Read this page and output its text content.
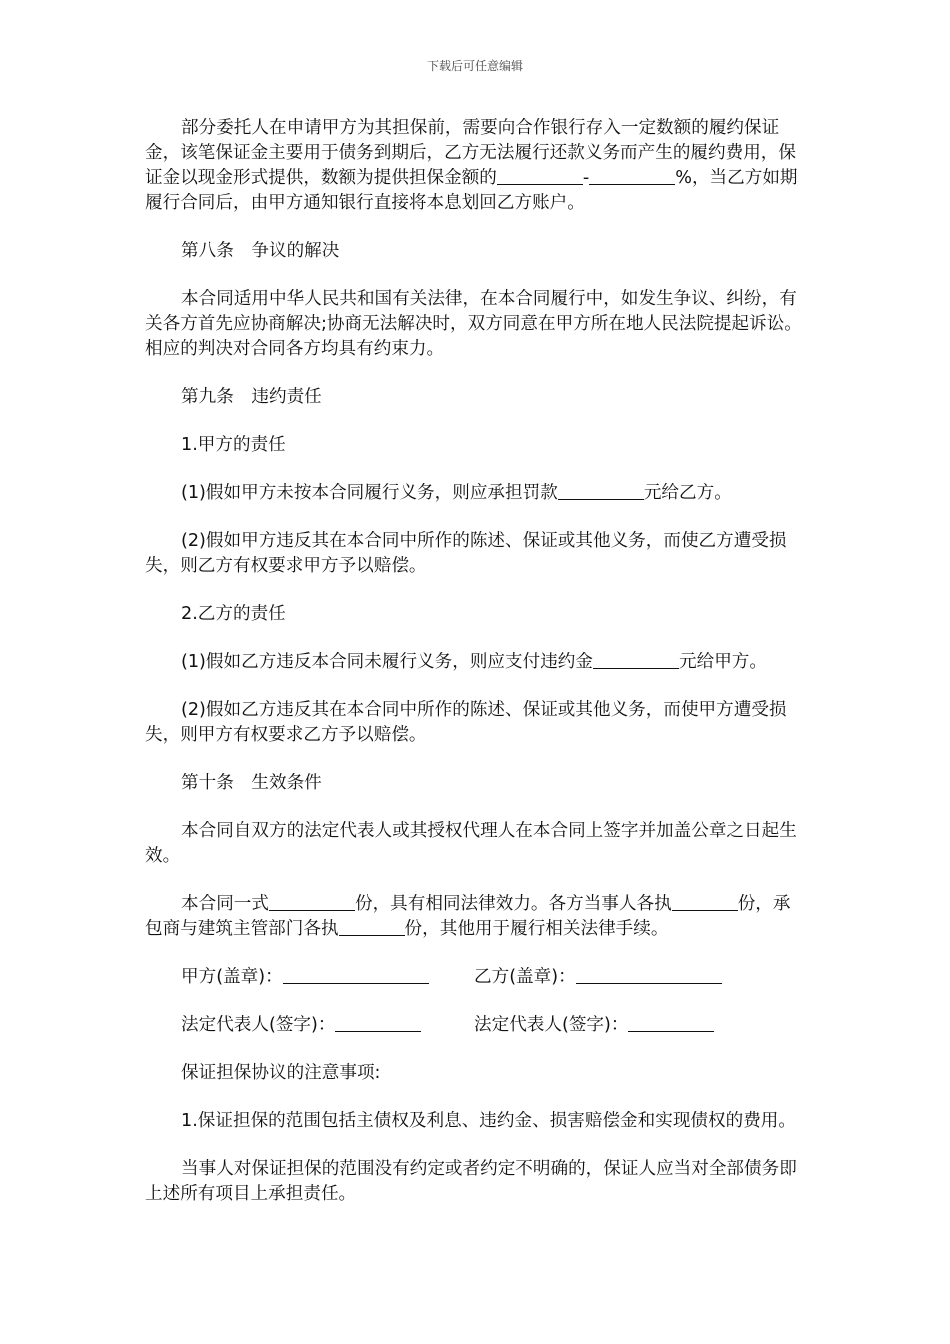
下载后可任意编辑

部分委托人在申请甲方为其担保前，需要向合作银行存入一定数额的履约保证金，该笔保证金主要用于债务到期后，乙方无法履行还款义务而产生的履约费用，保证金以现金形式提供，数额为提供担保金额的	-	%，当乙方如期履行合同后，由甲方通知银行直接将本息划回乙方账户。

第八条　争议的解决

本合同适用中华人民共和国有关法律，在本合同履行中，如发生争议、纠纷，有关各方首先应协商解决;协商无法解决时，双方同意在甲方所在地人民法院提起诉讼。相应的判决对合同各方均具有约束力。

第九条　违约责任

1.甲方的责任

(1)假如甲方未按本合同履行义务，则应承担罚款	元给乙方。

(2)假如甲方违反其在本合同中所作的陈述、保证或其他义务，而使乙方遭受损失，则乙方有权要求甲方予以赔偿。

2.乙方的责任

(1)假如乙方违反本合同未履行义务，则应支付违约金	元给甲方。

(2)假如乙方违反其在本合同中所作的陈述、保证或其他义务，而使甲方遭受损失，则甲方有权要求乙方予以赔偿。

第十条　生效条件

本合同自双方的法定代表人或其授权代理人在本合同上签字并加盖公章之日起生效。

本合同一式	份，具有相同法律效力。各方当事人各执	份，承包商与建筑主管部门各执	份，其他用于履行相关法律手续。

甲方(盖章)：	乙方(盖章)：

法定代表人(签字)：	法定代表人(签字)：

保证担保协议的注意事项:

1.保证担保的范围包括主债权及利息、违约金、损害赔偿金和实现债权的费用。

当事人对保证担保的范围没有约定或者约定不明确的，保证人应当对全部债务即上述所有项目上承担责任。
